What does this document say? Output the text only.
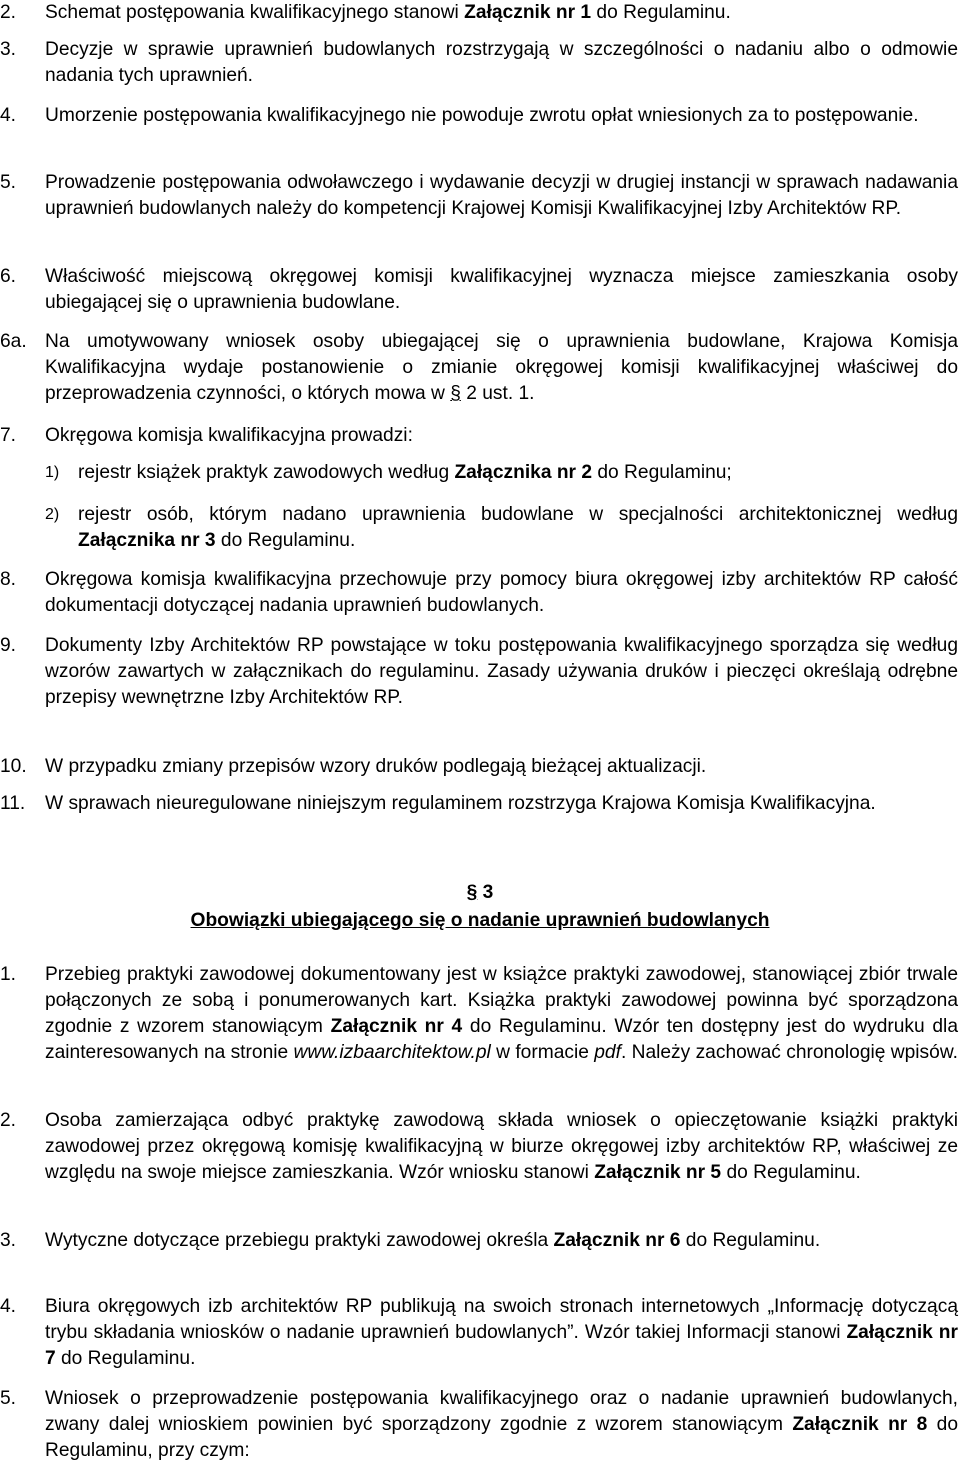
2. Schemat postępowania kwalifikacyjnego stanowi Załącznik nr 1 do Regulaminu.
3. Decyzje w sprawie uprawnień budowlanych rozstrzygają w szczególności o nadaniu albo o odmowie nadania tych uprawnień.
4. Umorzenie postępowania kwalifikacyjnego nie powoduje zwrotu opłat wniesionych za to postępowanie.
5. Prowadzenie postępowania odwoławczego i wydawanie decyzji w drugiej instancji w sprawach nadawania uprawnień budowlanych należy do kompetencji Krajowej Komisji Kwalifikacyjnej Izby Architektów RP.
6. Właściwość miejscową okręgowej komisji kwalifikacyjnej wyznacza miejsce zamieszkania osoby ubiegającej się o uprawnienia budowlane.
6a. Na umotywowany wniosek osoby ubiegającej się o uprawnienia budowlane, Krajowa Komisja Kwalifikacyjna wydaje postanowienie o zmianie okręgowej komisji kwalifikacyjnej właściwej do przeprowadzenia czynności, o których mowa w § 2 ust. 1.
7. Okręgowa komisja kwalifikacyjna prowadzi:
1) rejestr książek praktyk zawodowych według Załącznika nr 2 do Regulaminu;
2) rejestr osób, którym nadano uprawnienia budowlane w specjalności architektonicznej według Załącznika nr 3 do Regulaminu.
8. Okręgowa komisja kwalifikacyjna przechowuje przy pomocy biura okręgowej izby architektów RP całość dokumentacji dotyczącej nadania uprawnień budowlanych.
9. Dokumenty Izby Architektów RP powstające w toku postępowania kwalifikacyjnego sporządza się według wzorów zawartych w załącznikach do regulaminu. Zasady używania druków i pieczęci określają odrębne przepisy wewnętrzne Izby Architektów RP.
10. W przypadku zmiany przepisów wzory druków podlegają bieżącej aktualizacji.
11. W sprawach nieuregulowane niniejszym regulaminem rozstrzyga Krajowa Komisja Kwalifikacyjna.
§ 3
Obowiązki ubiegającego się o nadanie uprawnień budowlanych
1. Przebieg praktyki zawodowej dokumentowany jest w książce praktyki zawodowej, stanowiącej zbiór trwale połączonych ze sobą i ponumerowanych kart. Książka praktyki zawodowej powinna być sporządzona zgodnie z wzorem stanowiącym Załącznik nr 4 do Regulaminu. Wzór ten dostępny jest do wydruku dla zainteresowanych na stronie www.izbaarchitektow.pl w formacie pdf. Należy zachować chronologię wpisów.
2. Osoba zamierzająca odbyć praktykę zawodową składa wniosek o opieczętowanie książki praktyki zawodowej przez okręgową komisję kwalifikacyjną w biurze okręgowej izby architektów RP, właściwej ze względu na swoje miejsce zamieszkania. Wzór wniosku stanowi Załącznik nr 5 do Regulaminu.
3. Wytyczne dotyczące przebiegu praktyki zawodowej określa Załącznik nr 6 do Regulaminu.
4. Biura okręgowych izb architektów RP publikują na swoich stronach internetowych „Informację dotyczącą trybu składania wniosków o nadanie uprawnień budowlanych”. Wzór takiej Informacji stanowi Załącznik nr 7 do Regulaminu.
5. Wniosek o przeprowadzenie postępowania kwalifikacyjnego oraz o nadanie uprawnień budowlanych, zwany dalej wnioskiem powinien być sporządzony zgodnie z wzorem stanowiącym Załącznik nr 8 do Regulaminu, przy czym:
